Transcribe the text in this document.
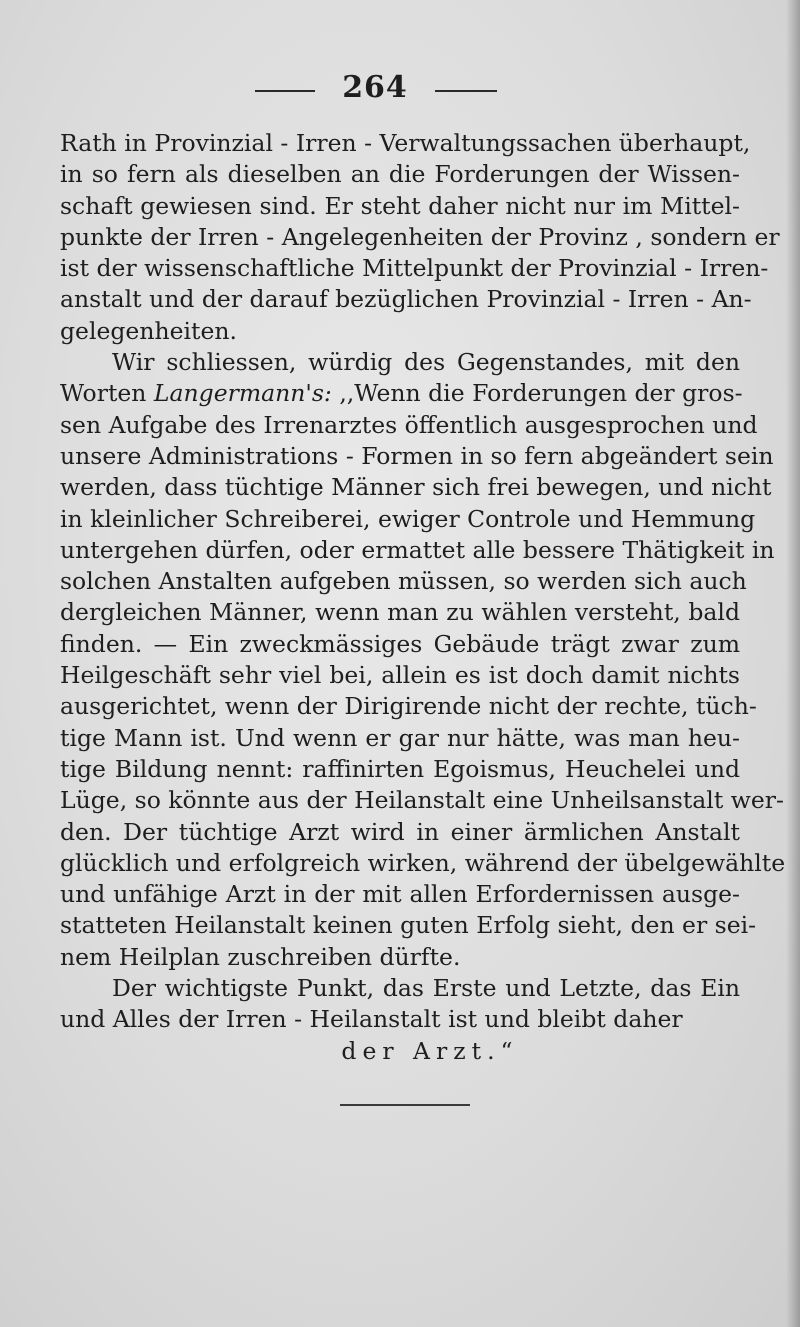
264
Rath in Provinzial - Irren - Verwaltungssachen überhaupt,
in so fern als dieselben an die Forderungen der Wissen-
schaft gewiesen sind. Er steht daher nicht nur im Mittel-
punkte der Irren - Angelegenheiten der Provinz , sondern er
ist der wissenschaftliche Mittelpunkt der Provinzial - Irren-
anstalt und der darauf bezüglichen Provinzial - Irren - An-
gelegenheiten.
Wir schliessen, würdig des Gegenstandes, mit den
Worten Langermann's: ,,Wenn die Forderungen der gros-
sen Aufgabe des Irrenarztes öffentlich ausgesprochen und
unsere Administrations - Formen in so fern abgeändert sein
werden, dass tüchtige Männer sich frei bewegen, und nicht
in kleinlicher Schreiberei, ewiger Controle und Hemmung
untergehen dürfen, oder ermattet alle bessere Thätigkeit in
solchen Anstalten aufgeben müssen, so werden sich auch
dergleichen Männer, wenn man zu wählen versteht, bald
finden. — Ein zweckmässiges Gebäude trägt zwar zum
Heilgeschäft sehr viel bei, allein es ist doch damit nichts
ausgerichtet, wenn der Dirigirende nicht der rechte, tüch-
tige Mann ist. Und wenn er gar nur hätte, was man heu-
tige Bildung nennt: raffinirten Egoismus, Heuchelei und
Lüge, so könnte aus der Heilanstalt eine Unheilsanstalt wer-
den. Der tüchtige Arzt wird in einer ärmlichen Anstalt
glücklich und erfolgreich wirken, während der übelgewählte
und unfähige Arzt in der mit allen Erfordernissen ausge-
statteten Heilanstalt keinen guten Erfolg sieht, den er sei-
nem Heilplan zuschreiben dürfte.
Der wichtigste Punkt, das Erste und Letzte, das Ein
und Alles der Irren - Heilanstalt ist und bleibt daher
der Arzt.“
